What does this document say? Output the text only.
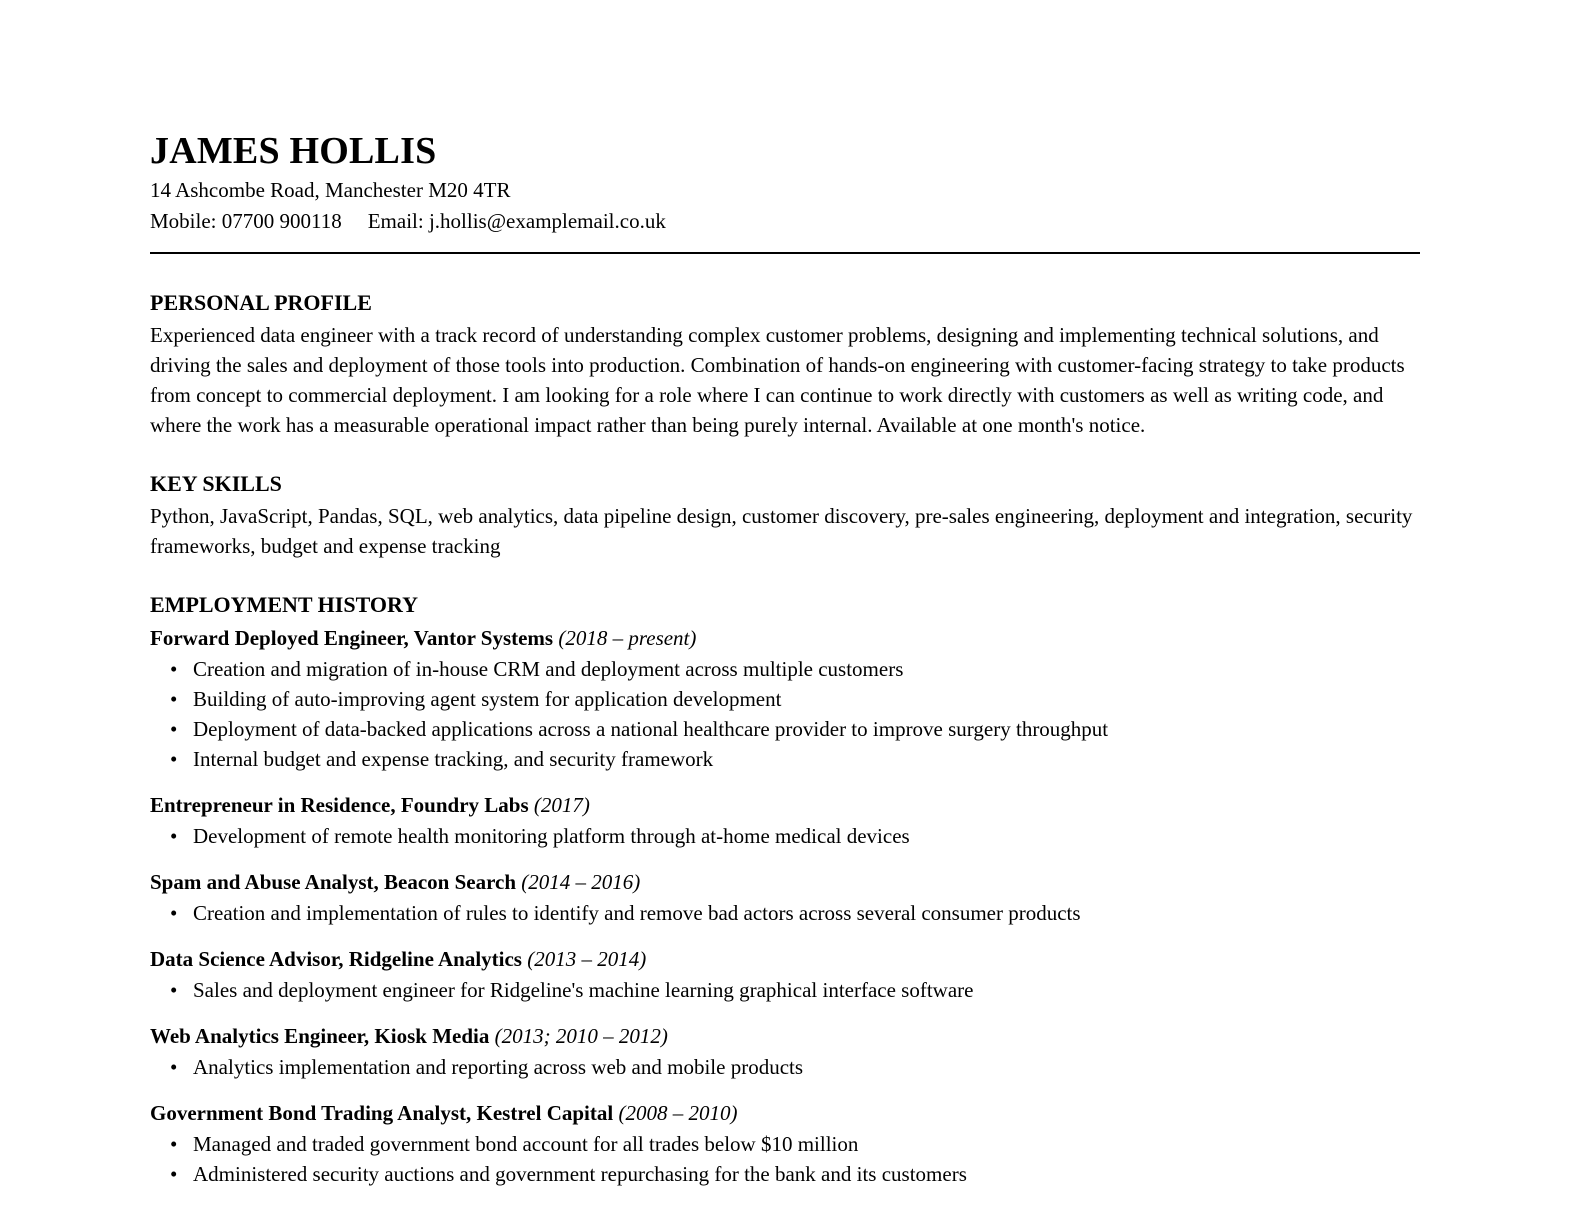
JAMES HOLLIS

14 Ashcombe Road, Manchester M20 4TR

Mobile: 07700 900118 Email: j.hollis@examplemail.co.uk

PERSONAL PROFILE

Experienced data engineer with a track record of understanding complex customer problems, designing and implementing technical solutions, and driving the sales and deployment of those tools into production. Combination of hands-on engineering with customer-facing strategy to take products from concept to commercial deployment. I am looking for a role where I can continue to work directly with customers as well as writing code, and where the work has a measurable operational impact rather than being purely internal. Available at one month's notice.

KEY SKILLS

Python, JavaScript, Pandas, SQL, web analytics, data pipeline design, customer discovery, pre-sales engineering, deployment and integration, security frameworks, budget and expense tracking

EMPLOYMENT HISTORY

Forward Deployed Engineer, Vantor Systems (2018 – present)

• Creation and migration of in-house CRM and deployment across multiple customers
• Building of auto-improving agent system for application development
• Deployment of data-backed applications across a national healthcare provider to improve surgery throughput
• Internal budget and expense tracking, and security framework

Entrepreneur in Residence, Foundry Labs (2017)

• Development of remote health monitoring platform through at-home medical devices

Spam and Abuse Analyst, Beacon Search (2014 – 2016)

• Creation and implementation of rules to identify and remove bad actors across several consumer products

Data Science Advisor, Ridgeline Analytics (2013 – 2014)

• Sales and deployment engineer for Ridgeline's machine learning graphical interface software

Web Analytics Engineer, Kiosk Media (2013; 2010 – 2012)

• Analytics implementation and reporting across web and mobile products

Government Bond Trading Analyst, Kestrel Capital (2008 – 2010)

• Managed and traded government bond account for all trades below $10 million
• Administered security auctions and government repurchasing for the bank and its customers
